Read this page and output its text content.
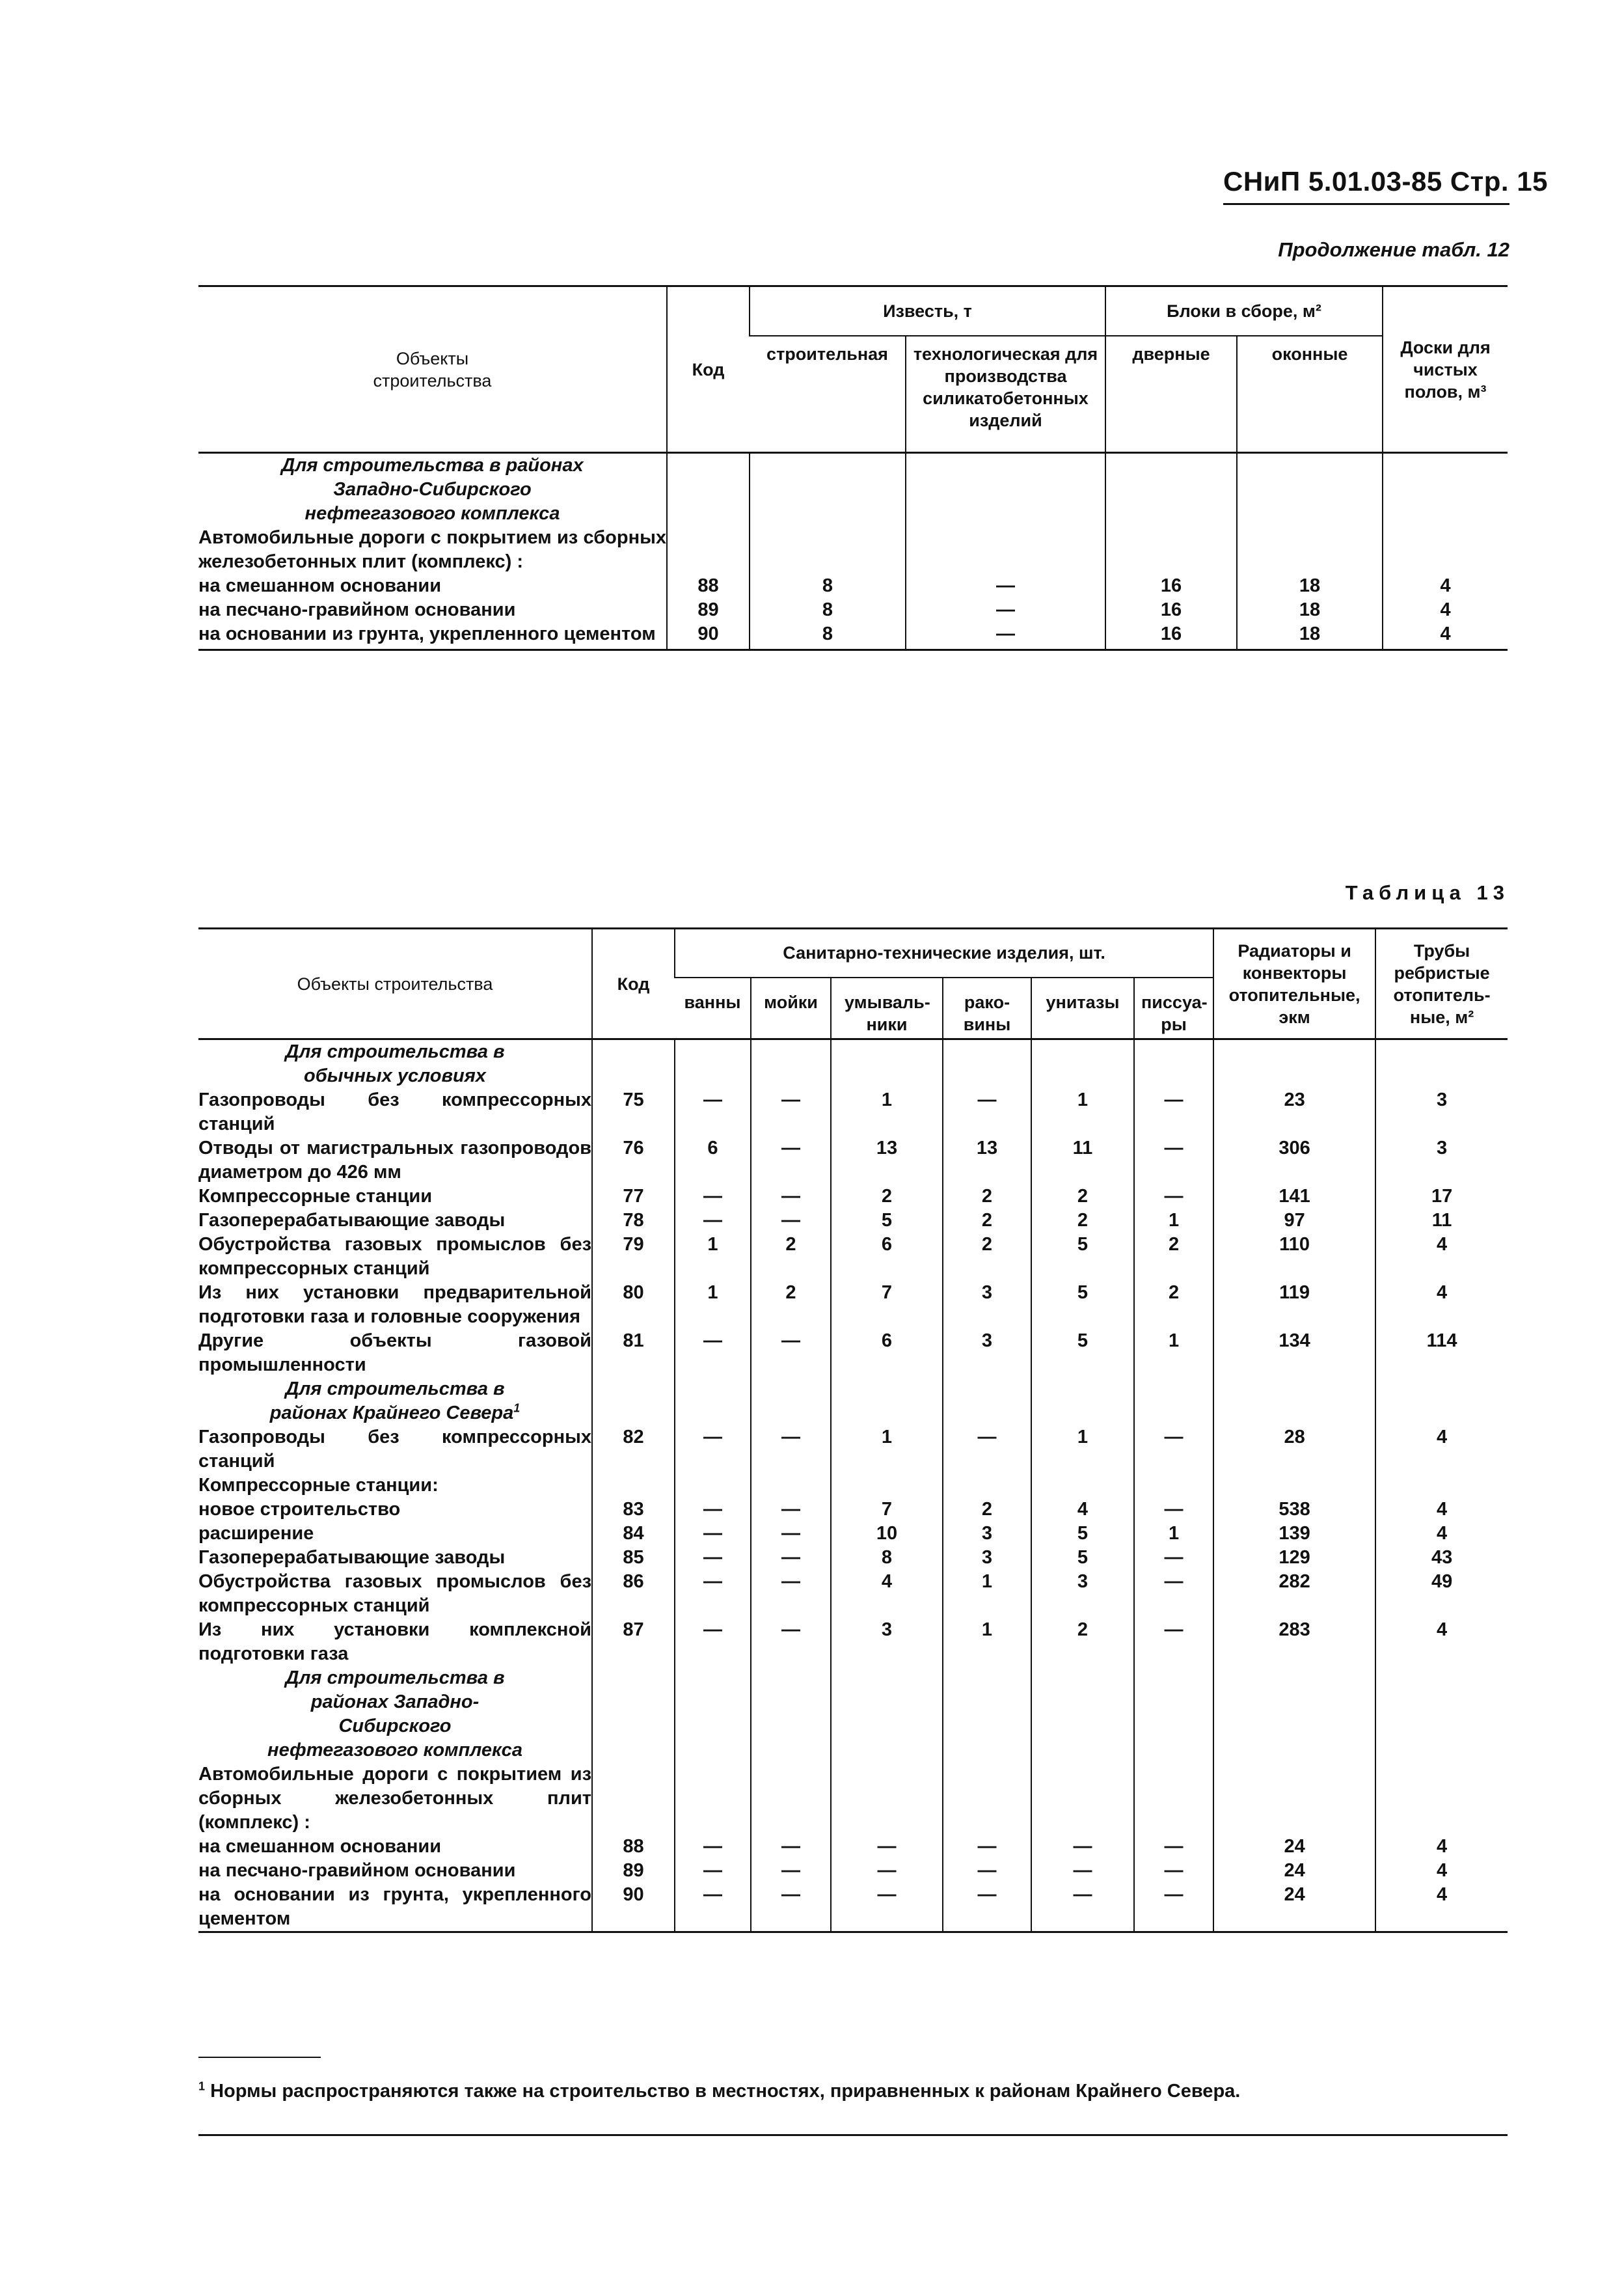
СНиП 5.01.03-85 Стр. 15
Продолжение табл. 12
Объекты строительства	Код	Известь, т		Блоки в сборе, м²		Доски для чистых полов, м³
		строительная	технологическая для производства силикатобетонных изделий	дверные	оконные	
Для строительства в районах Западно-Сибирского нефтегазового комплекса						
Автомобильные дороги с покрытием из сборных железобетонных плит (комплекс) :						
на смешанном основании	88	8	—	16	18	4
на песчано-гравийном основании	89	8	—	16	18	4
на основании из грунта, укрепленного цементом	90	8	—	16	18	4
Таблица 13
Объекты строительства	Код	Санитарно-технические изделия, шт.						Радиаторы и конвекторы отопительные, экм	Трубы ребристые отопитель-ные, м²
		ванны	мойки	умываль-ники	рако-вины	унитазы	писсуа-ры		
Для строительства в обычных условиях									
Газопроводы без компрессорных станций	75	—	—	1	—	1	—	23	3
Отводы от магистральных газопроводов диаметром до 426 мм	76	6	—	13	13	11	—	306	3
Компрессорные станции	77	—	—	2	2	2	—	141	17
Газоперерабатывающие заводы	78	—	—	5	2	2	1	97	11
Обустройства газовых промыслов без компрессорных станций	79	1	2	6	2	5	2	110	4
Из них установки предварительной подготовки газа и головные сооружения	80	1	2	7	3	5	2	119	4
Другие объекты газовой промышленности	81	—	—	6	3	5	1	134	114
Для строительства в районах Крайнего Севера$^1$									
Газопроводы без компрессорных станций	82	—	—	1	—	1	—	28	4
Компрессорные станции:									
новое строительство	83	—	—	7	2	4	—	538	4
расширение	84	—	—	10	3	5	1	139	4
Газоперерабатывающие заводы	85	—	—	8	3	5	—	129	43
Обустройства газовых промыслов без компрессорных станций	86	—	—	4	1	3	—	282	49
Из них установки комплексной подготовки газа	87	—	—	3	1	2	—	283	4
Для строительства в районах Западно-Сибирского нефтегазового комплекса									
Автомобильные дороги с покрытием из сборных железобетонных плит (комплекс) :									
на смешанном основании	88	—	—	—	—	—	—	24	4
на песчано-гравийном основании	89	—	—	—	—	—	—	24	4
на основании из грунта, укрепленного цементом	90	—	—	—	—	—	—	24	4
$^1$ Нормы распространяются также на строительство в местностях, приравненных к районам Крайнего Севера.
